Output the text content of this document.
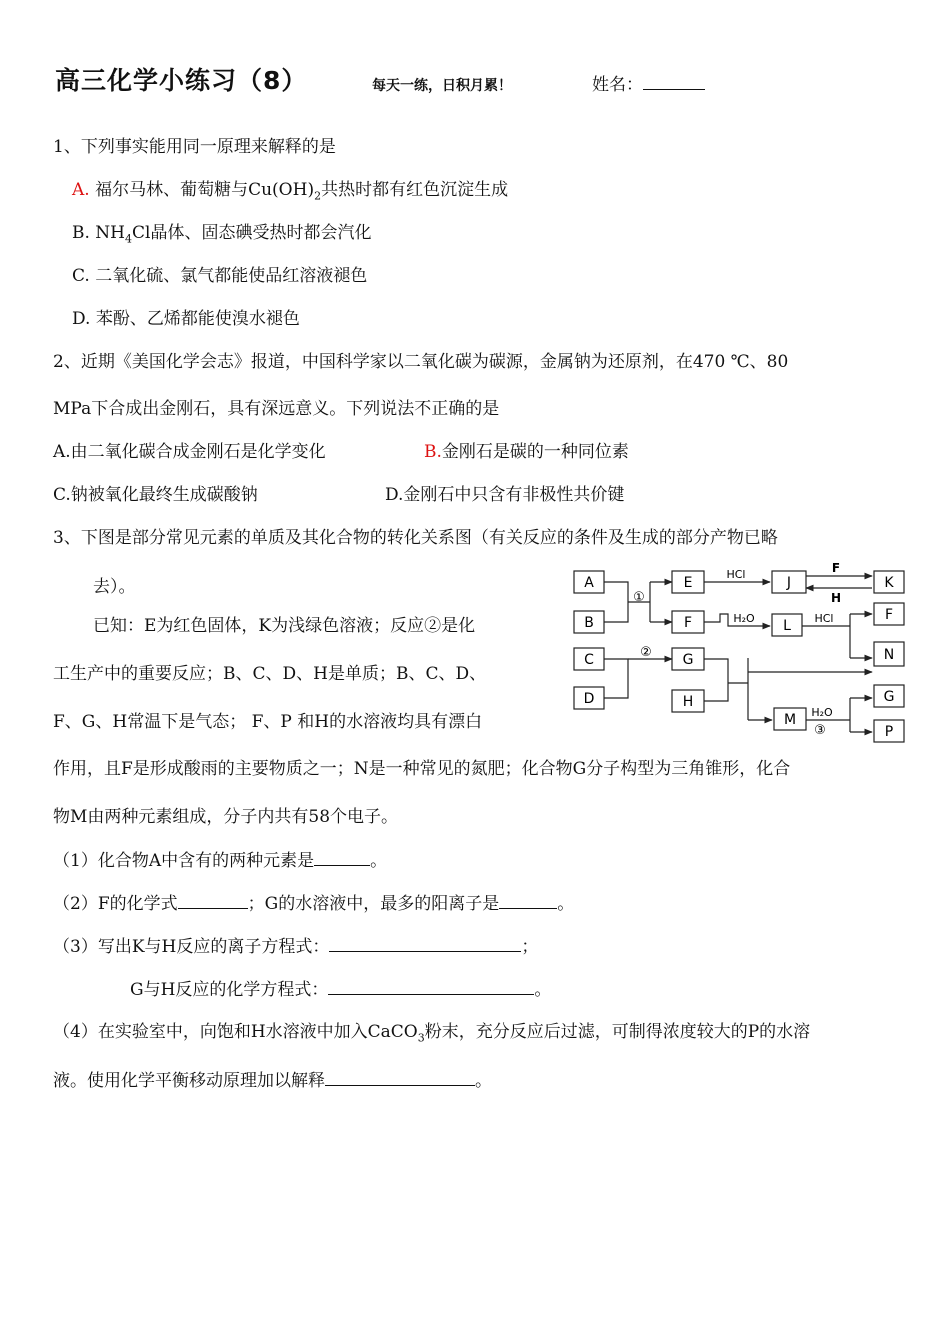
高三化学小练习（8）	每天一练，日积月累！	姓名：
1、下列事实能用同一原理来解释的是
A. 福尔马林、葡萄糖与$Cu(OH)_2$共热时都有红色沉淀生成
B. $NH_4Cl$晶体、固态碘受热时都会汽化
C. 二氧化硫、氯气都能使品红溶液褪色
D. 苯酚、乙烯都能使溴水褪色
2、近期《美国化学会志》报道，中国科学家以二氧化碳为碳源，金属钠为还原剂，在470 ℃、80
MPa下合成出金刚石，具有深远意义。下列说法不正确的是
A.由二氧化碳合成金刚石是化学变化	B.金刚石是碳的一种同位素
C.钠被氧化最终生成碳酸钠	D.金刚石中只含有非极性共价键
3、下图是部分常见元素的单质及其化合物的转化关系图（有关反应的条件及生成的部分产物已略
去）。
已知：E为红色固体，K为浅绿色溶液；反应②是化
工生产中的重要反应；B、C、D、H是单质；B、C、D、
F、G、H常温下是气态； F、P 和H的水溶液均具有漂白
作用，且F是形成酸雨的主要物质之一；N是一种常见的氮肥；化合物G分子构型为三角锥形，化合
物M由两种元素组成，分子内共有58个电子。
（1）化合物A中含有的两种元素是	。
（2）F的化学式	；G的水溶液中，最多的阳离子是	。
（3）写出K与H反应的离子方程式：	；
G与H反应的化学方程式：	。
（4）在实验室中，向饱和H水溶液中加入CaCO$_3$粉末，充分反应后过滤，可制得浓度较大的P的水溶
液。使用化学平衡移动原理加以解释	。
A
B
C
D
E
F
G
H
J	K
L
F
N
M
G
P
①
②
③
HCl
HCl
H₂O
H₂O
F
H
